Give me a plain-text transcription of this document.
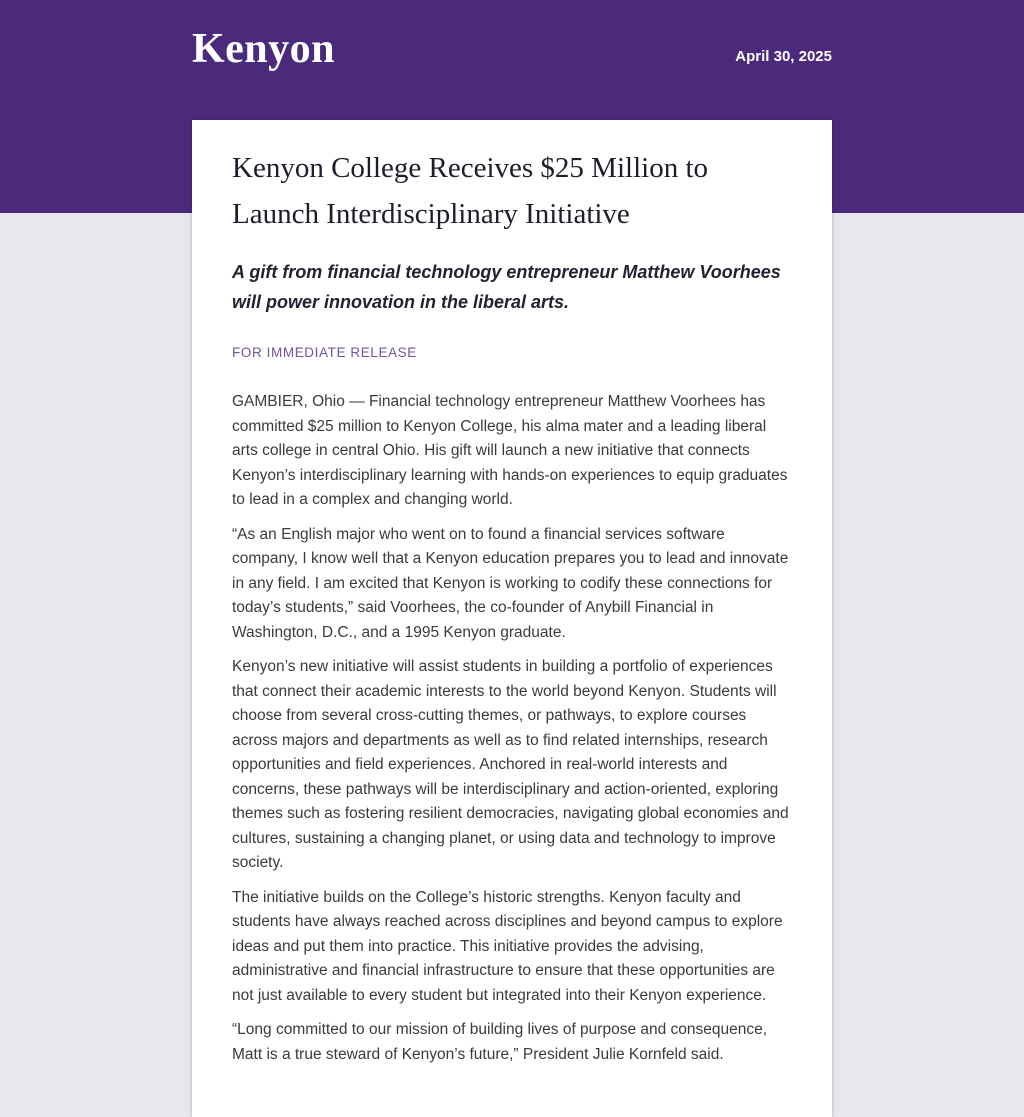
Kenyon	April 30, 2025
Kenyon College Receives $25 Million to Launch Interdisciplinary Initiative

A gift from financial technology entrepreneur Matthew Voorhees will power innovation in the liberal arts.

FOR IMMEDIATE RELEASE

GAMBIER, Ohio — Financial technology entrepreneur Matthew Voorhees has committed $25 million to Kenyon College, his alma mater and a leading liberal arts college in central Ohio. His gift will launch a new initiative that connects Kenyon’s interdisciplinary learning with hands-on experiences to equip graduates to lead in a complex and changing world.

“As an English major who went on to found a financial services software company, I know well that a Kenyon education prepares you to lead and innovate in any field. I am excited that Kenyon is working to codify these connections for today’s students,” said Voorhees, the co-founder of Anybill Financial in Washington, D.C., and a 1995 Kenyon graduate.

Kenyon’s new initiative will assist students in building a portfolio of experiences that connect their academic interests to the world beyond Kenyon. Students will choose from several cross-cutting themes, or pathways, to explore courses across majors and departments as well as to find related internships, research opportunities and field experiences. Anchored in real-world interests and concerns, these pathways will be interdisciplinary and action-oriented, exploring themes such as fostering resilient democracies, navigating global economies and cultures, sustaining a changing planet, or using data and technology to improve society.

The initiative builds on the College’s historic strengths. Kenyon faculty and students have always reached across disciplines and beyond campus to explore ideas and put them into practice. This initiative provides the advising, administrative and financial infrastructure to ensure that these opportunities are not just available to every student but integrated into their Kenyon experience.

“Long committed to our mission of building lives of purpose and consequence, Matt is a true steward of Kenyon’s future,” President Julie Kornfeld said.
